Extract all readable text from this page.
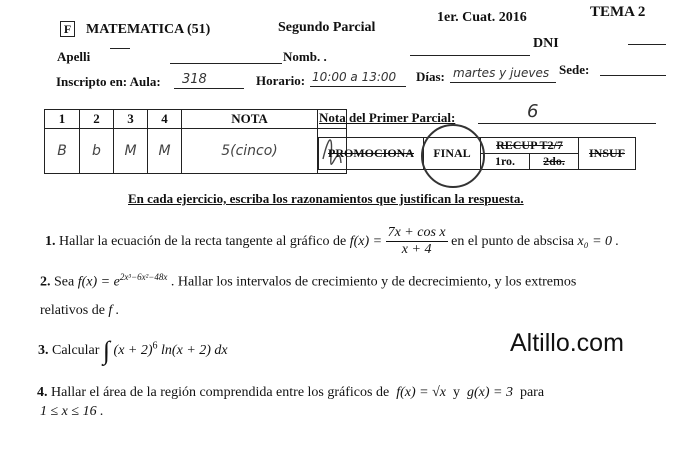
F MATEMATICA (51)	Segundo Parcial
1er. Cuat. 2016	TEMA 2
Apelli	Nomb. .
DNI
Inscripto en: Aula: 318	Horario: 10:00 a 13:00 Días: martes y jueves Sede:
1	2	3	4	NOTA	
B	b	M	M	5(cinco)	
Nota del Primer Parcial:	6
PROMOCIONA	FINAL	RECUP T2/7		INSUF
		1ro.	2do.	
En cada ejercicio, escriba los razonamientos que justifican la respuesta.
1. Hallar la ecuación de la recta tangente al gráfico de $f(x) = \frac{\text{7x + cos x}}{x + 4}$ en el punto de abscisa x₀ = 0 .
2. Sea $f(x) = e^{2x^3-6x^2-48x}$ . Hallar los intervalos de crecimiento y de decrecimiento, y los extremos
relativos de f .
3. Calcular ∫ $(x + 2)^6$ ln(x + 2) dx	Altillo.com
4. Hallar el área de la región comprendida entre los gráficos de f(x) = √x y g(x) = 3 para
1 ≤ x ≤ 16 .
